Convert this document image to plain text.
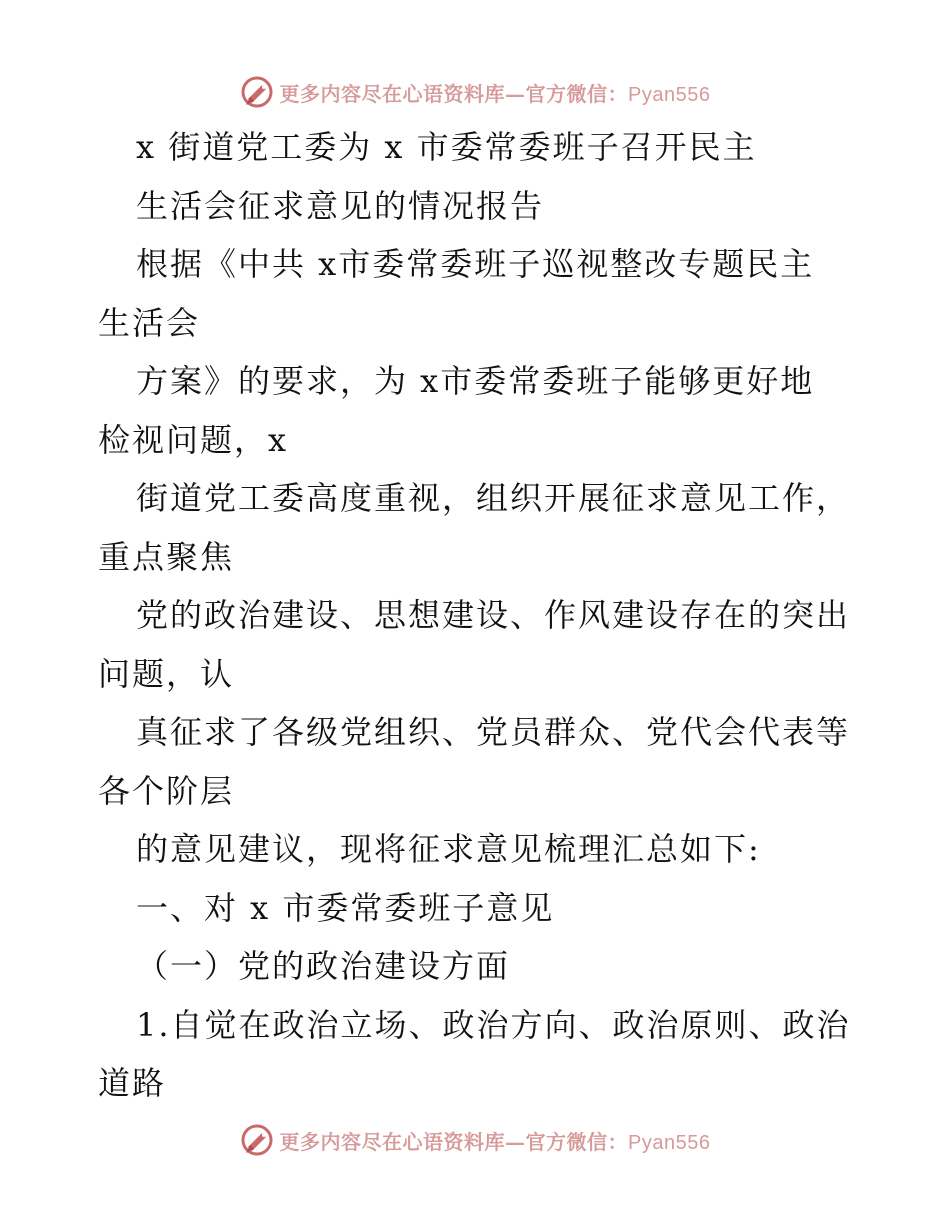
更多内容尽在心语资料库—官方微信：Pyan556
x 街道党工委为 x 市委常委班子召开民主
生活会征求意见的情况报告
根据《中共 x市委常委班子巡视整改专题民主
生活会
方案》的要求，为 x市委常委班子能够更好地
检视问题，x
街道党工委高度重视，组织开展征求意见工作，
重点聚焦
党的政治建设、思想建设、作风建设存在的突出
问题，认
真征求了各级党组织、党员群众、党代会代表等
各个阶层
的意见建议，现将征求意见梳理汇总如下:
一、对 x 市委常委班子意见
（一）党的政治建设方面
1.自觉在政治立场、政治方向、政治原则、政治
道路
更多内容尽在心语资料库—官方微信：Pyan556
